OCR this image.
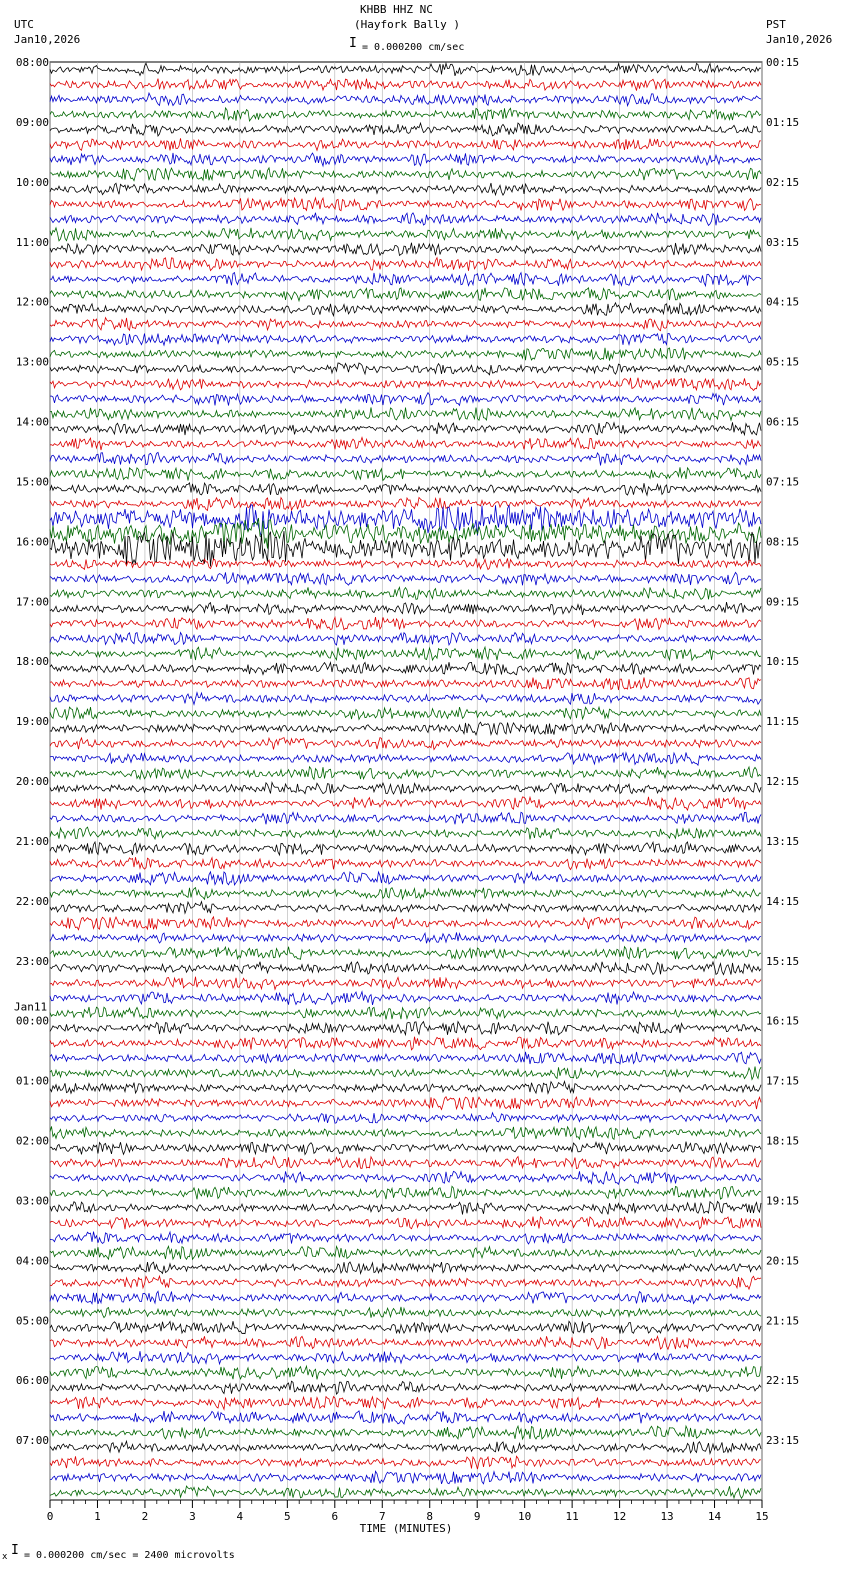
KHBB HHZ NC
(Hayfork Bally )
I = 0.000200 cm/sec
UTC
Jan10,2026
PST
Jan10,2026
08:00
09:00
10:00
11:00
12:00
13:00
14:00
15:00
16:00
17:00
18:00
19:00
20:00
21:00
22:00
23:00
00:00
Jan11
01:00
02:00
03:00
04:00
05:00
06:00
07:00
00:15
01:15
02:15
03:15
04:15
05:15
06:15
07:15
08:15
09:15
10:15
11:15
12:15
13:15
14:15
15:15
16:15
17:15
18:15
19:15
20:15
21:15
22:15
23:15
0	1	2	3	4	5	6	7	8	9	10	11	12	13	14	15
TIME (MINUTES)
x I = 0.000200 cm/sec = 2400 microvolts
